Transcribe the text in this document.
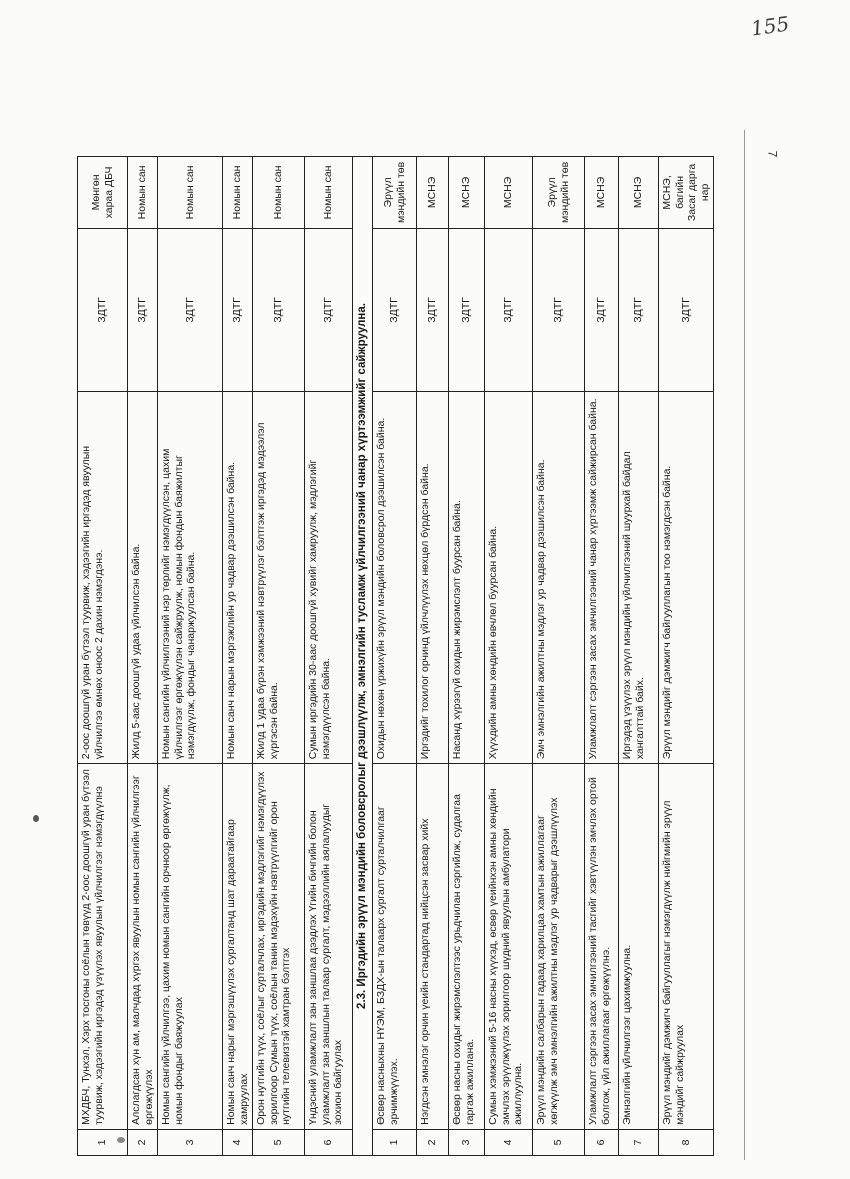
155
7
1	МХДБЧ, Тунхэл, Хэрх тосгоны соёлын төвүүд 2-оос доошгүй уран бүтээл туурвиж, хэдээгийн иргэдэд үзүүлэх явуулын үйлчилгээг нэмэгдүүлнэ	2-оос доошгүй уран бүтээл туурвиж, хэдээгийн иргэдэд явуулын үйлчилгээ өмнөх оноос 2 дахин нэмэгдэнэ.	ЗДТГ	Мөнгөн хараа ДБЧ
2	Алслагдсан хүн ам, малчдад хүргэх явуулын номын сангийн үйлчилгээг өргөжүүлэх	Жилд 5-аас доошгүй удаа үйлчилсэн байна.	ЗДТГ	Номын сан
3	Номын сангийн үйлчилгээ, цахим номын сангийн орчноор өргөжүүлж, номын фондыг баяжуулах	Номын сангийн үйлчилгээний нэр төрлийг нэмэгдүүлсэн, цахим үйлчилгээг өргөжүүлэн сайжруулж, номын фондын баяжилтыг нэмэгдүүлж, фондыг чанаржуулсан байна.	ЗДТГ	Номын сан
4	Номын санч нарыг мэргэшүүлэх сургалтанд шат дараатайгаар хамруулах	Номын санч нарын мэргэжлийн ур чадвар дээшилсэн байна.	ЗДТГ	Номын сан
5	Орон нутгийн түүх, соёлыг сурталчлах, иргэдийн мэдлэгийг нэмэгдүүлэх зорилгоор Сумын түүх, соёлын танин мэдэхүйн нэвтрүүлгийг орон нутгийн телевизтэй хамтран бэлтгэх	Жилд 1 удаа бүрэн хэмжээний нэвтрүүлэг бэлтгэж иргэдэд мэдээлэл хүргэсэн байна.	ЗДТГ	Номын сан
6	Үндэсний уламжлалт зан заншлаа дээдлэх Үгийн бичгийн болон уламжлалт зан заншлын талаар сургалт, мэдээллийн аялалуудыг зохион байгуулах	Сумын иргэдийн 30-аас доошгүй хувийг хамруулж, мэдлэгийг нэмэгдүүлсэн байна.	ЗДТГ	Номын сан
2.3. Иргэдийн эрүүл мэндийн боловсролыг дээшлүүлж, эмнэлгийн тусламж үйлчилгээний чанар хүртээмжийг сайжруулна.				
1	Өсвөр насныхны НҮЭМ, БЗДХ-ын талаарх сургалт сурталчилгааг эрчимжүүлэх.	Охидын нөхөн үржихүйн эрүүл мэндийн боловсрол дээшилсэн байна.	ЗДТГ	Эрүүл мэндийн төв
2	Нэгдсэн эмнэлэг орчин үеийн стандартад нийцсэн засвар хийх	Иргэдийг тохилог орчинд үйлчлүүлэх нөхцөл бүрдсэн байна.	ЗДТГ	МСНЭ
3	Өсвөр насны охидыг жирэмслэлтээс урьдчилан сэргийлж, судалгаа гаргаж ажиллана.	Насанд хүрээгүй охидын жирэмслэлт буурсан байна.	ЗДТГ	МСНЭ
4	Сумын хэмжээний 5-16 насны хүүхэд, өсвөр үеийнхэн амны хөндийн эмчлэх эрүүлжүүлэх зорилгоор шүдний явуулын амбулатори ажиллуулна.	Хүүхдийн амны хөндийн өвчлөл буурсан байна.	ЗДТГ	МСНЭ
5	Эрүүл мэндийн салбарын гадаад харилцаа хамтын ажиллагааг хөгжүүлж эмч эмнэлгийн ажилтны мэдлэг ур чадварыг дээшлүүлэх	Эмч эмнэлгийн ажилтны мэдлэг ур чадвар дээшилсэн байна.	ЗДТГ	Эрүүл мэндийн төв
6	Уламжлалт сэргээн засах эмчилгээний тасгийг хэвтүүлэн эмчлэх ортой болгож, үйл ажиллагааг өргөжүүлнэ.	Уламжлалт сэргээн засах эмчилгээний чанар хүртээмж сайжирсан байна.	ЗДТГ	МСНЭ
7	Эмнэлгийн үйлчилгээг цахимжуулна.	Иргэдэд үзүүлэх эрүүл мэндийн үйлчилгээний шуурхай байдал хангалттай байх.	ЗДТГ	МСНЭ
8	Эрүүл мэндийг дэмжигч байгууллагыг нэмэгдүүлж нийгмийн эрүүл мэндийг сайжруулах	Эрүүл мэндийг дэмжигч байгууллагын тоо нэмэгдсэн байна.	ЗДТГ	МСНЭ, багийн Засаг дарга нар
